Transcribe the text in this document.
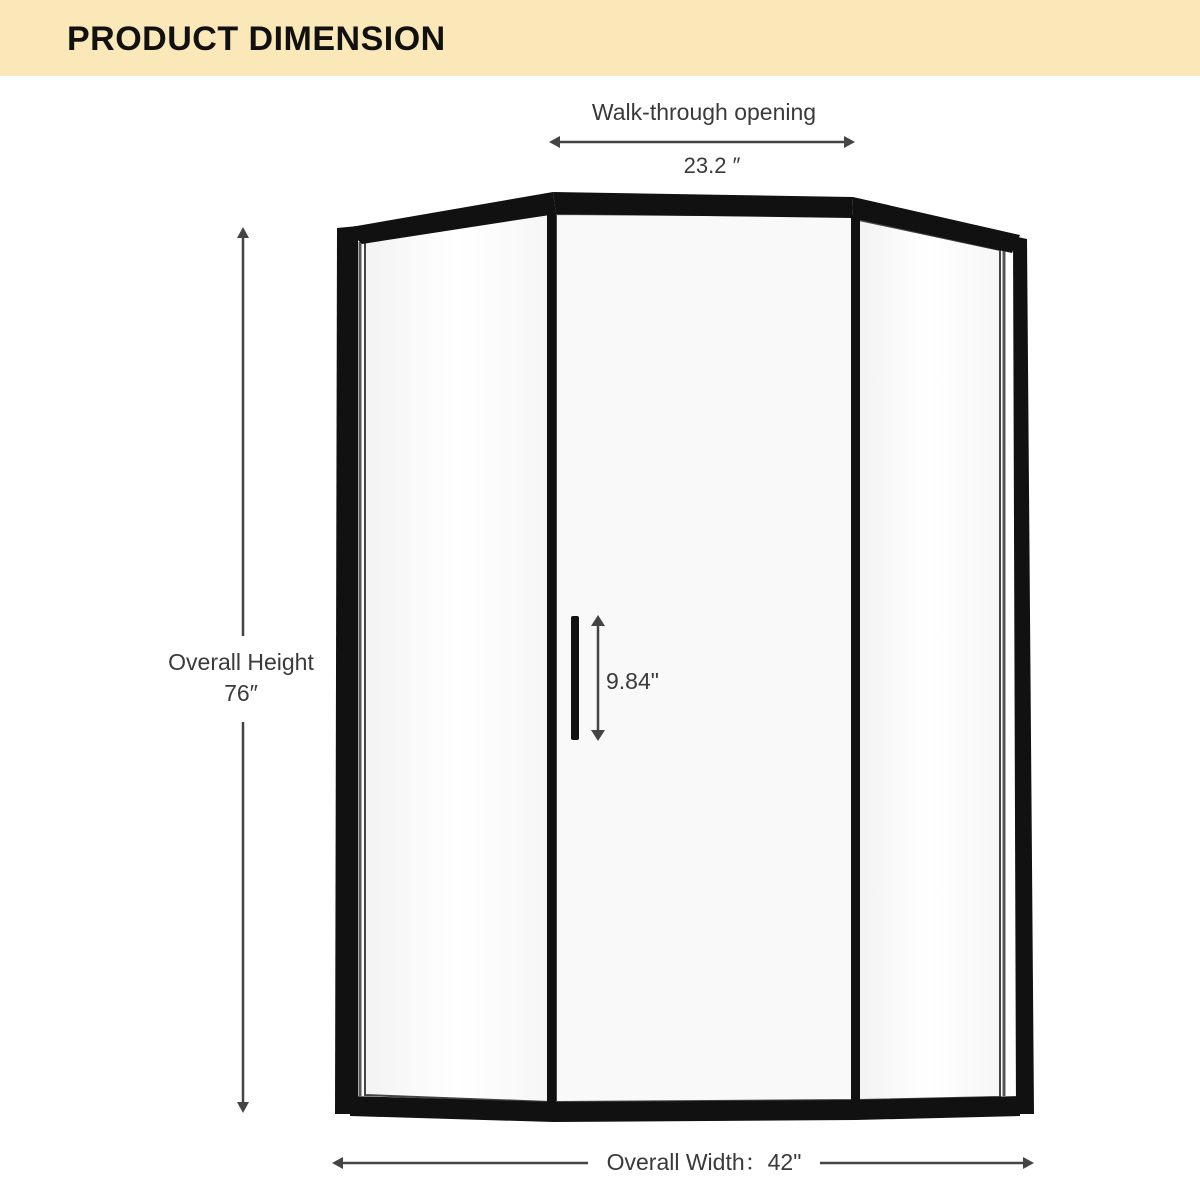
PRODUCT DIMENSION
Walk-through opening
23.2 ″
Overall Height
76″	9.84"
Overall Width：42"
